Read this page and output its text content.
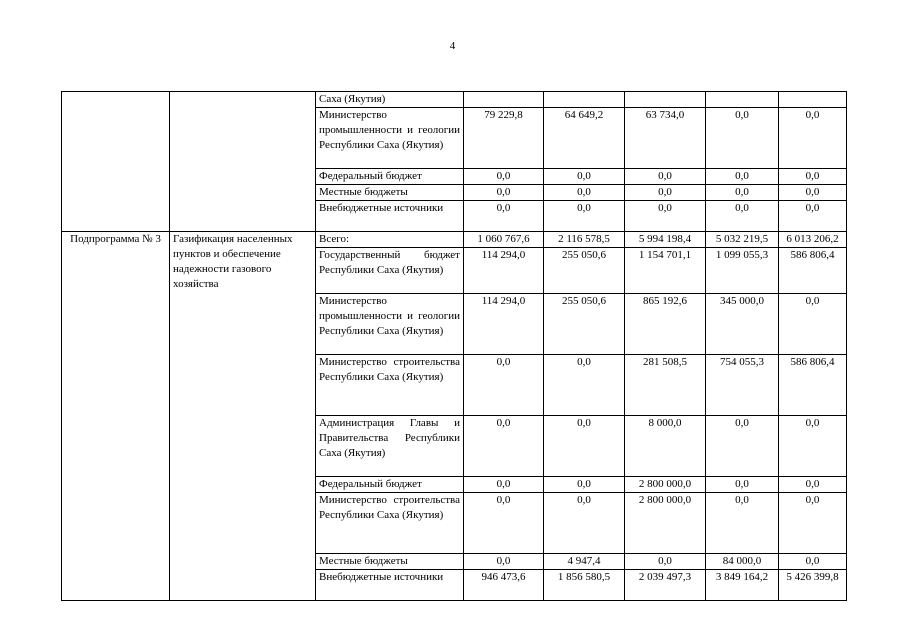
4
		Саха (Якутия)					
		Министерство промышленности и геологии Республики Саха (Якутия)	79 229,8	64 649,2	63 734,0	0,0	0,0
		Федеральный бюджет	0,0	0,0	0,0	0,0	0,0
		Местные бюджеты	0,0	0,0	0,0	0,0	0,0
		Внебюджетные источники	0,0	0,0	0,0	0,0	0,0
Подпрограмма № 3	Газификация населенных пунктов и обеспечение надежности газового хозяйства	Всего:	1 060 767,6	2 116 578,5	5 994 198,4	5 032 219,5	6 013 206,2
		Государственный бюджет Республики Саха (Якутия)	114 294,0	255 050,6	1 154 701,1	1 099 055,3	586 806,4
		Министерство промышленности и геологии Республики Саха (Якутия)	114 294,0	255 050,6	865 192,6	345 000,0	0,0
		Министерство строительства Республики Саха (Якутия)	0,0	0,0	281 508,5	754 055,3	586 806,4
		Администрация Главы и Правительства Республики Саха (Якутия)	0,0	0,0	8 000,0	0,0	0,0
		Федеральный бюджет	0,0	0,0	2 800 000,0	0,0	0,0
		Министерство строительства Республики Саха (Якутия)	0,0	0,0	2 800 000,0	0,0	0,0
		Местные бюджеты	0,0	4 947,4	0,0	84 000,0	0,0
		Внебюджетные источники	946 473,6	1 856 580,5	2 039 497,3	3 849 164,2	5 426 399,8
